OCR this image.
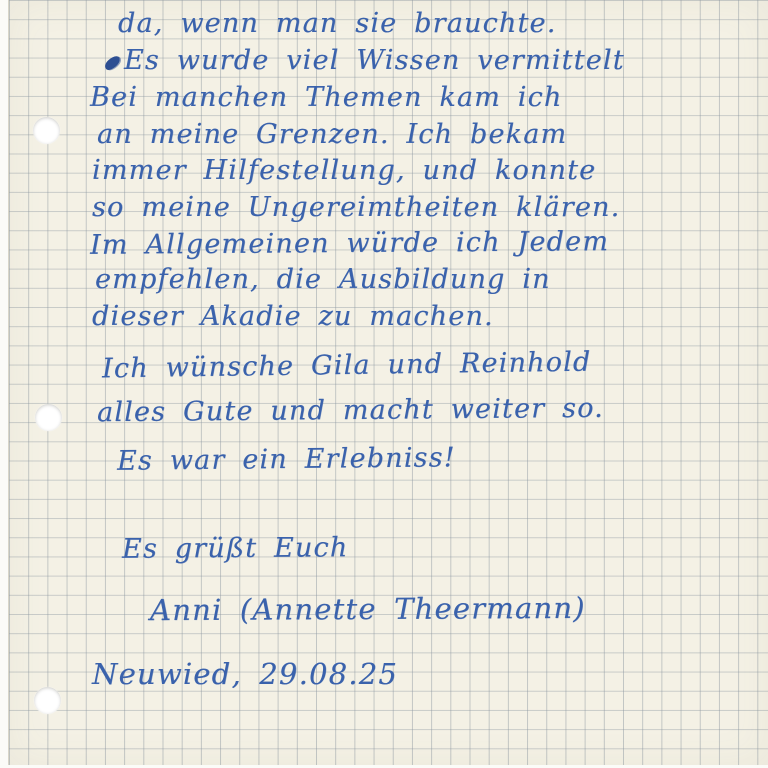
da, wenn man sie brauchte.
Es wurde viel Wissen vermittelt
Bei manchen Themen kam ich
an meine Grenzen. Ich bekam
immer Hilfestellung, und konnte
so meine Ungereimtheiten klären.
Im Allgemeinen würde ich Jedem
empfehlen, die Ausbildung in
dieser Akadie zu machen.
Ich wünsche Gila und Reinhold
alles Gute und macht weiter so.
Es war ein Erlebniss!
Es grüßt Euch
Anni (Annette Theermann)
Neuwied, 29.08.25
